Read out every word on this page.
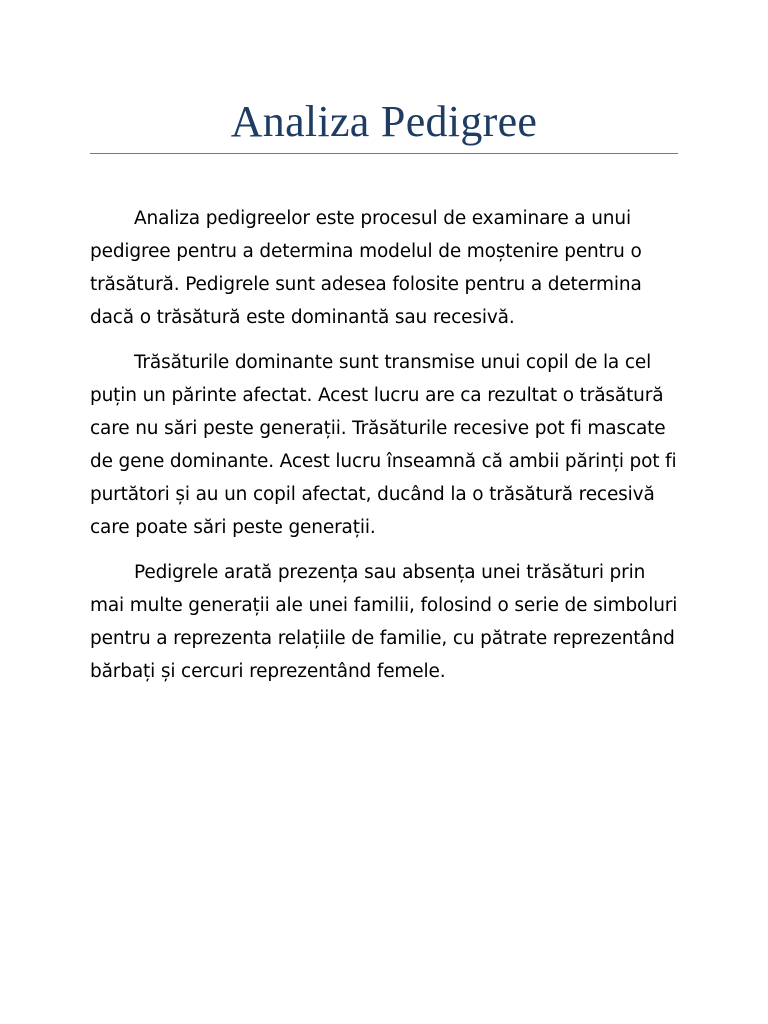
Analiza Pedigree

Analiza pedigreelor este procesul de examinare a unui pedigree pentru a determina modelul de moștenire pentru o trăsătură. Pedigrele sunt adesea folosite pentru a determina dacă o trăsătură este dominantă sau recesivă.

Trăsăturile dominante sunt transmise unui copil de la cel puțin un părinte afectat. Acest lucru are ca rezultat o trăsătură care nu sări peste generații. Trăsăturile recesive pot fi mascate de gene dominante. Acest lucru înseamnă că ambii părinți pot fi purtători și au un copil afectat, ducând la o trăsătură recesivă care poate sări peste generații.

Pedigrele arată prezența sau absența unei trăsături prin mai multe generații ale unei familii, folosind o serie de simboluri pentru a reprezenta relațiile de familie, cu pătrate reprezentând bărbați și cercuri reprezentând femele.
